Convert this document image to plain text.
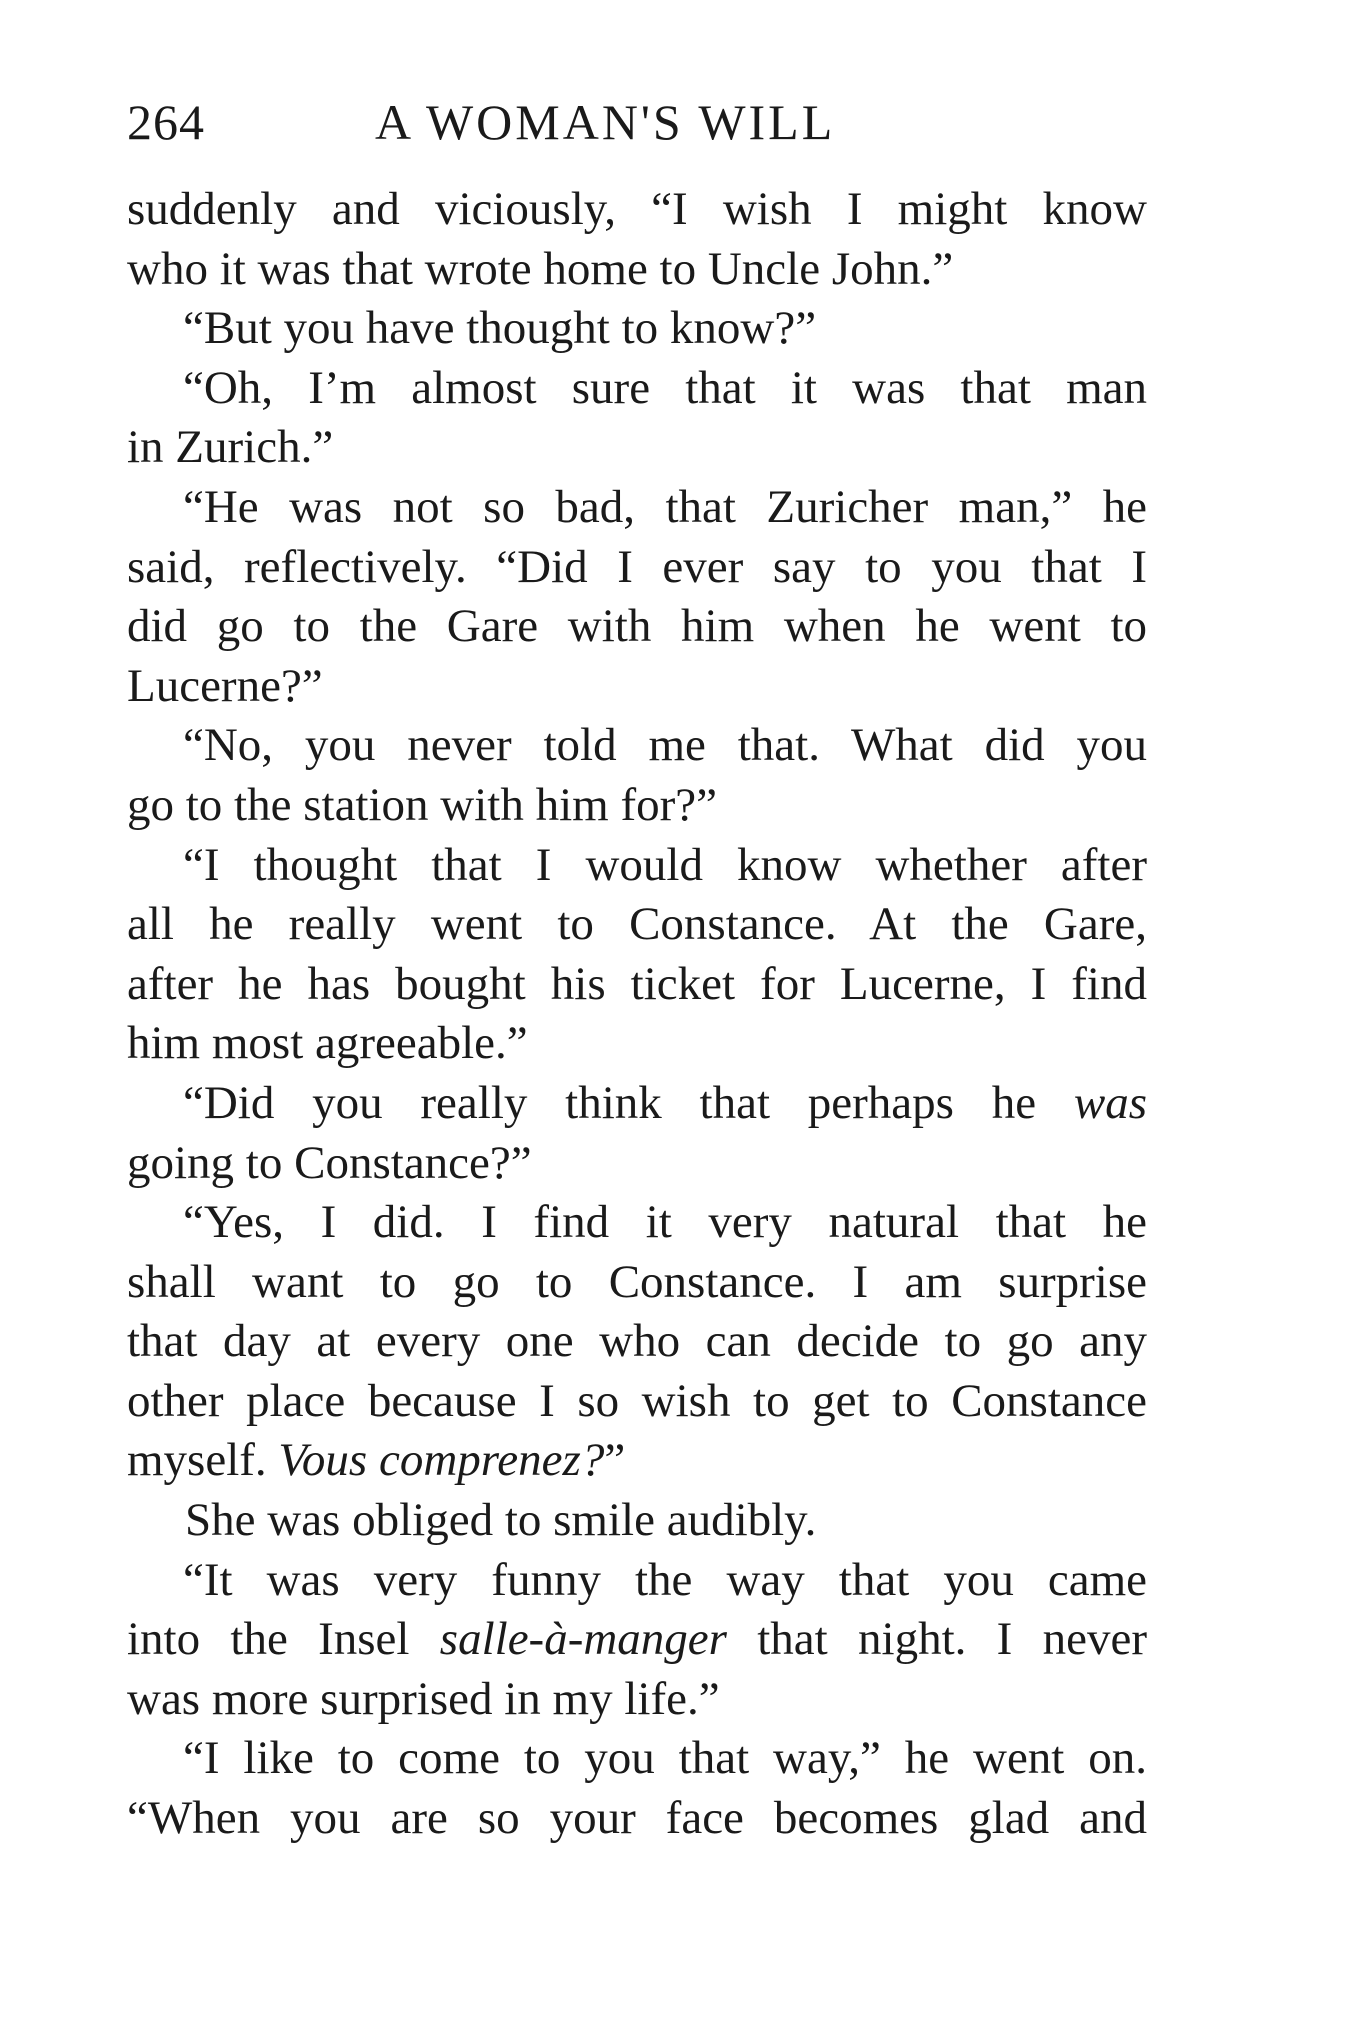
264	A WOMAN'S WILL
suddenly and viciously, “I wish I might know
who it was that wrote home to Uncle John.”
“But you have thought to know?”
“Oh, I’m almost sure that it was that man
in Zurich.”
“He was not so bad, that Zuricher man,” he
said, reflectively. “Did I ever say to you that I
did go to the Gare with him when he went to
Lucerne?”
“No, you never told me that. What did you
go to the station with him for?”
“I thought that I would know whether after
all he really went to Constance. At the Gare,
after he has bought his ticket for Lucerne, I find
him most agreeable.”
“Did you really think that perhaps he was
going to Constance?”
“Yes, I did. I find it very natural that he
shall want to go to Constance. I am surprise
that day at every one who can decide to go any
other place because I so wish to get to Constance
myself. Vous comprenez?”
She was obliged to smile audibly.
“It was very funny the way that you came
into the Insel salle-à-manger that night. I never
was more surprised in my life.”
“I like to come to you that way,” he went on.
“When you are so your face becomes glad and
